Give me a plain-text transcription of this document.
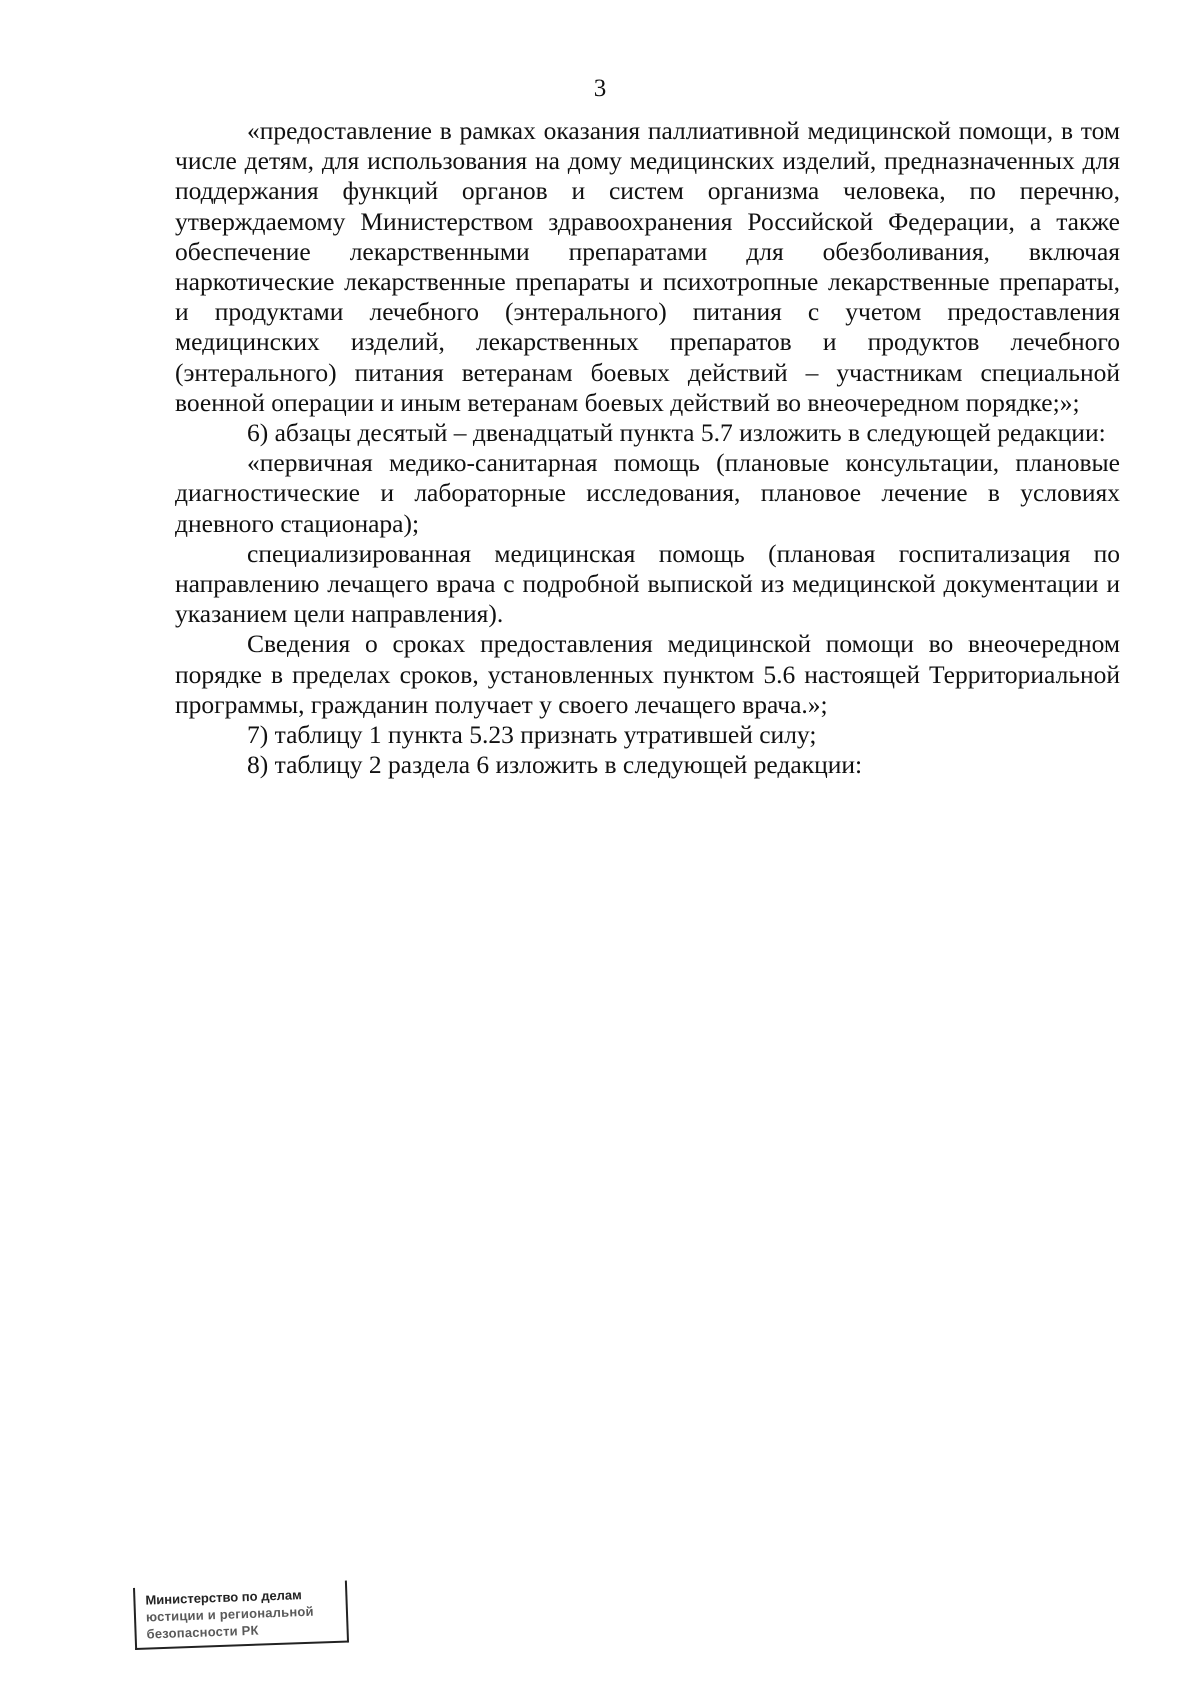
3

«предоставление в рамках оказания паллиативной медицинской помощи, в том числе детям, для использования на дому медицинских изделий, предназначенных для поддержания функций органов и систем организма человека, по перечню, утверждаемому Министерством здравоохранения Российской Федерации, а также обеспечение лекарственными препаратами для обезболивания, включая наркотические лекарственные препараты и психотропные лекарственные препараты, и продуктами лечебного (энтерального) питания с учетом предоставления медицинских изделий, лекарственных препаратов и продуктов лечебного (энтерального) питания ветеранам боевых действий – участникам специальной военной операции и иным ветеранам боевых действий во внеочередном порядке;»;

6) абзацы десятый – двенадцатый пункта 5.7 изложить в следующей редакции:

«первичная медико-санитарная помощь (плановые консультации, плановые диагностические и лабораторные исследования, плановое лечение в условиях дневного стационара);

специализированная медицинская помощь (плановая госпитализация по направлению лечащего врача с подробной выпиской из медицинской документации и указанием цели направления).

Сведения о сроках предоставления медицинской помощи во внеочередном порядке в пределах сроков, установленных пунктом 5.6 настоящей Территориальной программы, гражданин получает у своего лечащего врача.»;

7) таблицу 1 пункта 5.23 признать утратившей силу;

8) таблицу 2 раздела 6 изложить в следующей редакции:

Министерство по делам
юстиции и региональной
безопасности РК
